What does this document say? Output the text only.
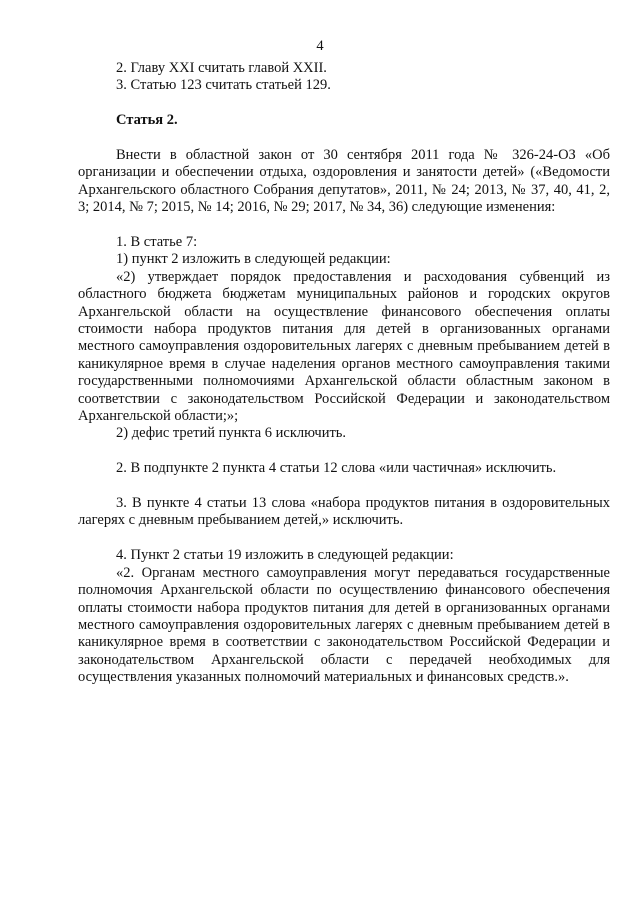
4

2. Главу XXI считать главой XXII.

3. Статью 123 считать статьей 129.

Статья 2.

Внести в областной закон от 30 сентября 2011 года № 326-24-ОЗ «Об организации и обеспечении отдыха, оздоровления и занятости детей» («Ведомости Архангельского областного Собрания депутатов», 2011, № 24; 2013, № 37, 40, 41, 2, 3; 2014, № 7; 2015, № 14; 2016, № 29; 2017, № 34, 36) следующие изменения:

1. В статье 7:

1) пункт 2 изложить в следующей редакции:

«2) утверждает порядок предоставления и расходования субвенций из областного бюджета бюджетам муниципальных районов и городских округов Архангельской области на осуществление финансового обеспечения оплаты стоимости набора продуктов питания для детей в организованных органами местного самоуправления оздоровительных лагерях с дневным пребыванием детей в каникулярное время в случае наделения органов местного самоуправления такими государственными полномочиями Архангельской области областным законом в соответствии с законодательством Российской Федерации и законодательством Архангельской области;»;

2) дефис третий пункта 6 исключить.

2. В подпункте 2 пункта 4 статьи 12 слова «или частичная» исключить.

3. В пункте 4 статьи 13 слова «набора продуктов питания в оздоровительных лагерях с дневным пребыванием детей,» исключить.

4. Пункт 2 статьи 19 изложить в следующей редакции:

«2. Органам местного самоуправления могут передаваться государственные полномочия Архангельской области по осуществлению финансового обеспечения оплаты стоимости набора продуктов питания для детей в организованных органами местного самоуправления оздоровительных лагерях с дневным пребыванием детей в каникулярное время в соответствии с законодательством Российской Федерации и законодательством Архангельской области с передачей необходимых для осуществления указанных полномочий материальных и финансовых средств.».
